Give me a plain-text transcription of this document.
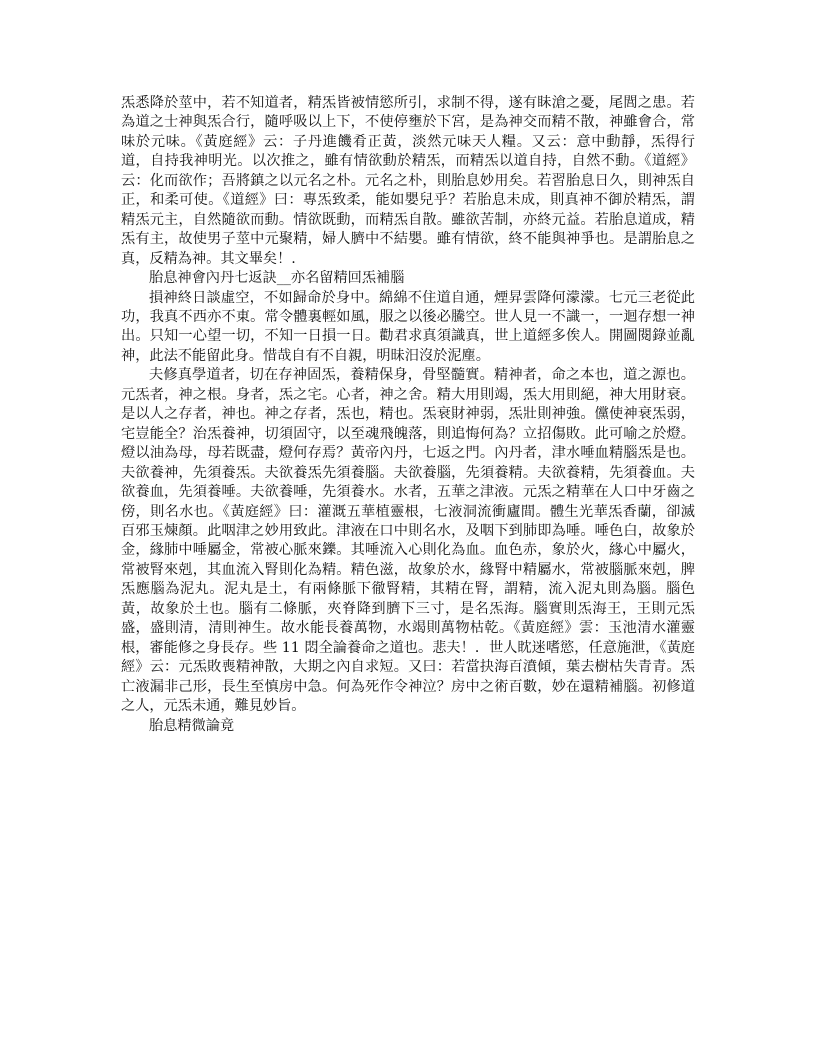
炁悉降於莖中，若不知道者，精炁皆被情慾所引，求制不得，遂有眛滄之憂，尾閭之患。若為道之士神與炁合行，隨呼吸以上下，不使停壅於下宮，是為神交而精不散，神雖會合，常味於元味。《黃庭經》云：子丹進饑肴正黃，淡然元味天人糧。又云：意中動靜，炁得行道，自持我神明光。以次推之，雖有情欲動於精炁，而精炁以道自持，自然不動。《道經》云：化而欲作；吾將鎮之以元名之朴。元名之朴，則胎息妙用矣。若習胎息日久，則神炁自正，和柔可使。《道經》曰：專炁致柔，能如嬰兒乎？若胎息未成，則真神不御於精炁，謂精炁元主，自然隨欲而動。情欲既動，而精炁自散。雖欲苦制，亦終元益。若胎息道成，精炁有主，故使男子莖中元聚精，婦人臍中不結嬰。雖有情欲，終不能與神爭也。是謂胎息之真，反精為神。其文畢矣！.

胎息神會內丹七返訣__亦名留精回炁補腦

損神終日談虛空，不如歸命於身中。綿綿不住道自通，煙昇雲降何濛濛。七元三老從此功，我真不西亦不東。常令體裏輕如風，服之以後必騰空。世人見一不識一，一迴存想一神出。只知一心望一切，不知一日損一日。勸君求真須識真，世上道經多俟人。開圖閱錄並亂神，此法不能留此身。惜哉自有不自親，明昧汨沒於泥塵。

夫修真學道者，切在存神固炁，養精保身，骨堅髓實。精神者，命之本也，道之源也。元炁者，神之根。身者，炁之宅。心者，神之舍。精大用則竭，炁大用則絕，神大用財衰。是以人之存者，神也。神之存者，炁也，精也。炁衰財神弱，炁壯則神強。儻使神衰炁弱，宅豈能全？治炁養神，切須固守，以至魂飛魄落，則追悔何為？立招傷敗。此可喻之於燈。燈以油為母，母若既盡，燈何存焉？黃帝內丹，七返之門。內丹者，津水唾血精腦炁是也。夫欲養神，先須養炁。夫欲養炁先須養腦。夫欲養腦，先須養精。夫欲養精，先須養血。夫欲養血，先須養唾。夫欲養唾，先須養水。水者，五華之津液。元炁之精華在人口中牙齒之傍，則名水也。《黃庭經》曰：灌溉五華植靈根，七液洞流衝廬間。體生光華炁香蘭，卻滅百邪玉煉顏。此咽津之妙用致此。津液在口中則名水，及咽下到肺即為唾。唾色白，故象於金，緣肺中唾屬金，常被心脈來鑠。其唾流入心則化為血。血色赤，象於火，緣心中屬火，常被腎來剋，其血流入腎則化為精。精色滋，故象於水，緣腎中精屬水，常被腦脈來剋，脾炁應腦為泥丸。泥丸是土，有兩條脈下徹腎精，其精在腎，謂精，流入泥丸則為腦。腦色黃，故象於土也。腦有二條脈，夾脊降到臍下三寸，是名炁海。腦實則炁海王，王則元炁盛，盛則清，清則神生。故水能長養萬物，水竭則萬物枯乾。《黃庭經》雲：玉池清水灌靈根，審能修之身長存。些 11 悶全論養命之道也。悲夫！．世人眈迷嗜慾，任意施泄，《黃庭經》云：元炁敗喪精神散，大期之內自求短。又曰：若當抉海百濆傾，葉去樹枯失青青。炁亡液漏非己形，長生至慎房中急。何為死作令神泣？房中之術百數，妙在還精補腦。初修道之人，元炁未通，難見妙旨。

胎息精微論竟
